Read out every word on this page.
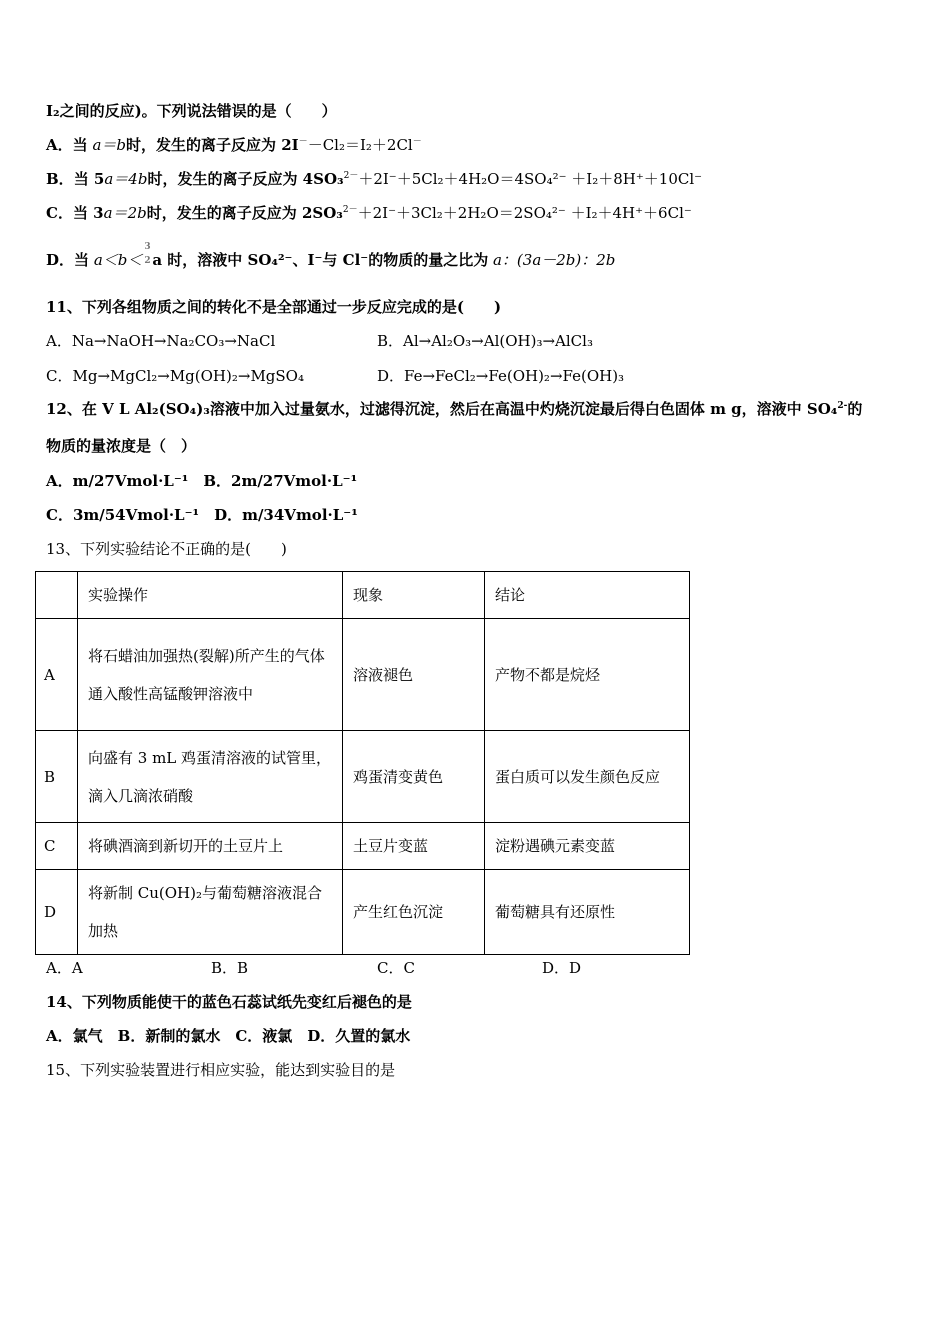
I₂之间的反应)。下列说法错误的是（　　）
A．当 a＝b时，发生的离子反应为 2I－－Cl₂＝I₂＋2Cl－
B．当 5a＝4b时，发生的离子反应为 4SO₃$^{2-}$＋2I⁻＋5Cl₂＋4H₂O＝4SO₄²⁻ ＋I₂＋8H⁺＋10Cl⁻
C．当 3a＝2b时，发生的离子反应为 2SO₃$^{2-}$＋2I⁻＋3Cl₂＋2H₂O＝2SO₄²⁻ ＋I₂＋4H⁺＋6Cl⁻
D．当 a＜b＜
3
2 a 时，溶液中 SO₄²⁻、I⁻与 Cl⁻的物质的量之比为 a：(3a－2b)：2b
11、下列各组物质之间的转化不是全部通过一步反应完成的是(　　)
A．Na→NaOH→Na₂CO₃→NaCl	B．Al→Al₂O₃→Al(OH)₃→AlCl₃
C．Mg→MgCl₂→Mg(OH)₂→MgSO₄	D．Fe→FeCl₂→Fe(OH)₂→Fe(OH)₃
12、在 V L Al₂(SO₄)₃溶液中加入过量氨水，过滤得沉淀，然后在高温中灼烧沉淀最后得白色固体 m g，溶液中 SO₄$^{2-}$的
物质的量浓度是（　）
A．m/27Vmol·L⁻¹　B．2m/27Vmol·L⁻¹
C．3m/54Vmol·L⁻¹　D．m/34Vmol·L⁻¹
13、下列实验结论不正确的是(　　)
	实验操作	现象	结论
A	将石蜡油加强热(裂解)所产生的气体通入酸性高锰酸钾溶液中	溶液褪色	产物不都是烷烃
B	向盛有 3 mL 鸡蛋清溶液的试管里，滴入几滴浓硝酸	鸡蛋清变黄色	蛋白质可以发生颜色反应
C	将碘酒滴到新切开的土豆片上	土豆片变蓝	淀粉遇碘元素变蓝
D	将新制 Cu(OH)₂与葡萄糖溶液混合加热	产生红色沉淀	葡萄糖具有还原性
A．A	B．B	C．C	D．D
14、下列物质能使干的蓝色石蕊试纸先变红后褪色的是
A．氯气　B．新制的氯水　C．液氯　D．久置的氯水
15、下列实验装置进行相应实验，能达到实验目的是
